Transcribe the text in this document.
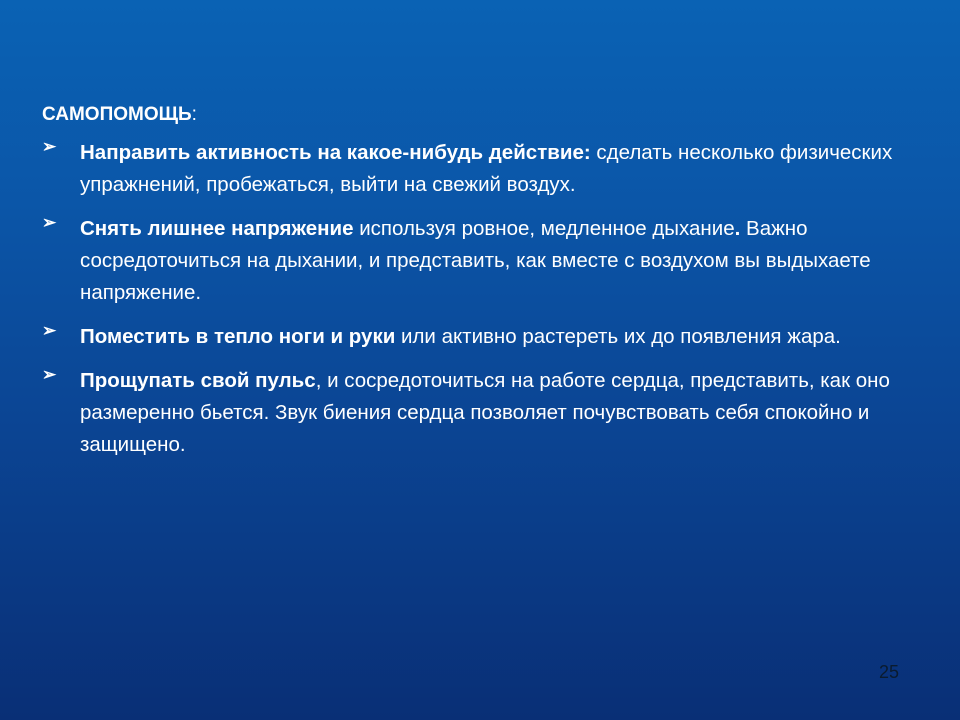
САМОПОМОЩЬ:
➢ Направить активность на какое-нибудь действие: сделать несколько физических упражнений, пробежаться, выйти на свежий воздух.
➢ Снять лишнее напряжение используя ровное, медленное дыхание. Важно сосредоточиться на дыхании, и представить, как вместе с воздухом вы выдыхаете напряжение.
➢ Поместить в тепло ноги и руки или активно растереть их до появления жара.
➢ Прощупать свой пульс, и сосредоточиться на работе сердца, представить, как оно размеренно бьется. Звук биения сердца позволяет почувствовать себя спокойно и защищено.
25
